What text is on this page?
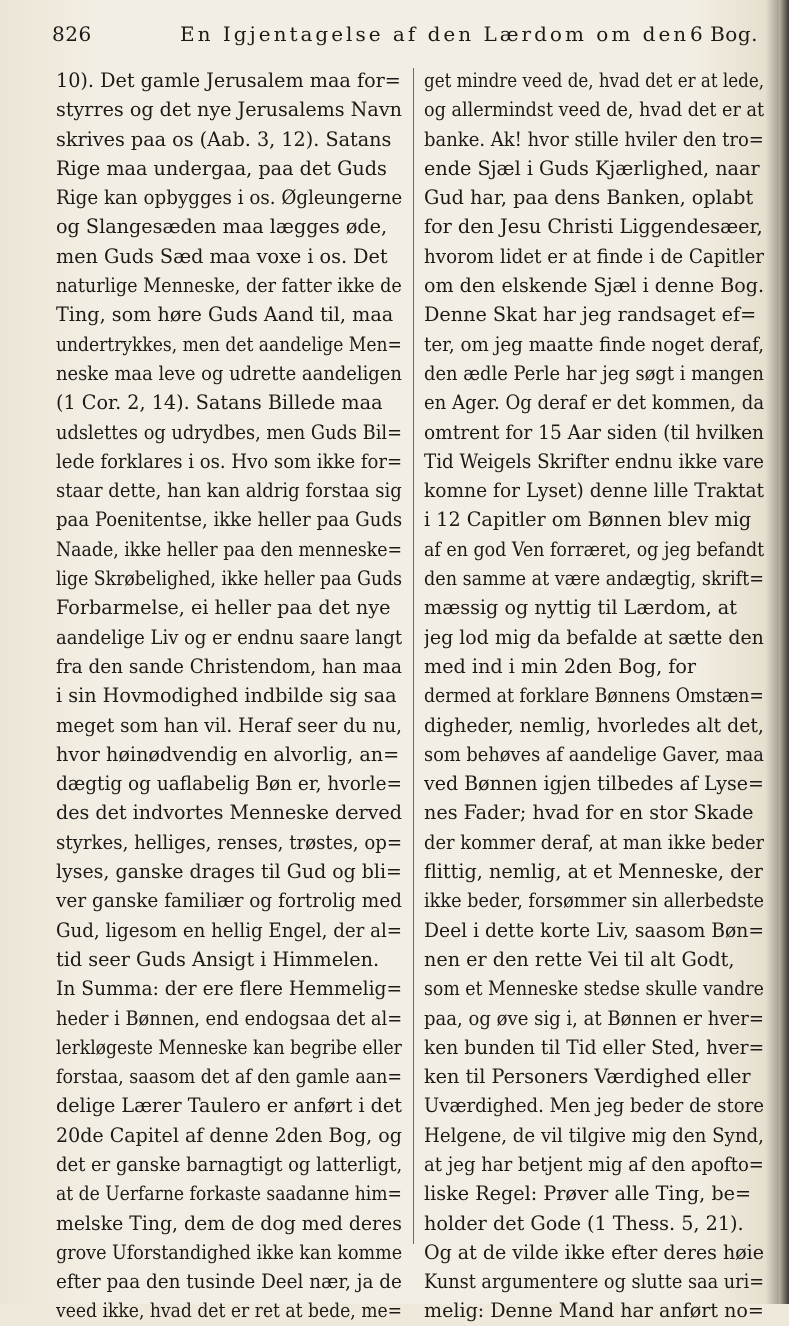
826	En Igjentagelse af den Lærdom om den 6 Bog.
10). Det gamle Jerusalem maa for=
styrres og det nye Jerusalems Navn
skrives paa os (Aab. 3, 12). Satans
Rige maa undergaa, paa det Guds
Rige kan opbygges i os. Øgleungerne
og Slangesæden maa lægges øde,
men Guds Sæd maa voxe i os. Det
naturlige Menneske, der fatter ikke de
Ting, som høre Guds Aand til, maa
undertrykkes, men det aandelige Men=
neske maa leve og udrette aandeligen
(1 Cor. 2, 14). Satans Billede maa
udslettes og udrydbes, men Guds Bil=
lede forklares i os. Hvo som ikke for=
staar dette, han kan aldrig forstaa sig
paa Poenitentse, ikke heller paa Guds
Naade, ikke heller paa den menneske=
lige Skrøbelighed, ikke heller paa Guds
Forbarmelse, ei heller paa det nye
aandelige Liv og er endnu saare langt
fra den sande Christendom, han maa
i sin Hovmodighed indbilde sig saa
meget som han vil. Heraf seer du nu,
hvor høinødvendig en alvorlig, an=
dægtig og uaflabelig Bøn er, hvorle=
des det indvortes Menneske derved
styrkes, helliges, renses, trøstes, op=
lyses, ganske drages til Gud og bli=
ver ganske familiær og fortrolig med
Gud, ligesom en hellig Engel, der al=
tid seer Guds Ansigt i Himmelen.
In Summa: der ere flere Hemmelig=
heder i Bønnen, end endogsaa det al=
lerkløgeste Menneske kan begribe eller
forstaa, saasom det af den gamle aan=
delige Lærer Taulero er anført i det
20de Capitel af denne 2den Bog, og
det er ganske barnagtigt og latterligt,
at de Uerfarne forkaste saadanne him=
melske Ting, dem de dog med deres
grove Uforstandighed ikke kan komme
efter paa den tusinde Deel nær, ja de
veed ikke, hvad det er ret at bede, me=
get mindre veed de, hvad det er at lede,
og allermindst veed de, hvad det er at
banke. Ak! hvor stille hviler den tro=
ende Sjæl i Guds Kjærlighed, naar
Gud har, paa dens Banken, oplabt
for den Jesu Christi Liggendesæer,
hvorom lidet er at finde i de Capitler
om den elskende Sjæl i denne Bog.
Denne Skat har jeg randsaget ef=
ter, om jeg maatte finde noget deraf,
den ædle Perle har jeg søgt i mangen
en Ager. Og deraf er det kommen, da
omtrent for 15 Aar siden (til hvilken
Tid Weigels Skrifter endnu ikke vare
komne for Lyset) denne lille Traktat
i 12 Capitler om Bønnen blev mig
af en god Ven forræret, og jeg befandt
den samme at være andægtig, skrift=
mæssig og nyttig til Lærdom, at
jeg lod mig da befalde at sætte den
med ind i min 2den Bog, for
dermed at forklare Bønnens Omstæn=
digheder, nemlig, hvorledes alt det,
som behøves af aandelige Gaver, maa
ved Bønnen igjen tilbedes af Lyse=
nes Fader; hvad for en stor Skade
der kommer deraf, at man ikke beder
flittig, nemlig, at et Menneske, der
ikke beder, forsømmer sin allerbedste
Deel i dette korte Liv, saasom Bøn=
nen er den rette Vei til alt Godt,
som et Menneske stedse skulle vandre
paa, og øve sig i, at Bønnen er hver=
ken bunden til Tid eller Sted, hver=
ken til Personers Værdighed eller
Uværdighed. Men jeg beder de store
Helgene, de vil tilgive mig den Synd,
at jeg har betjent mig af den apofto=
liske Regel: Prøver alle Ting, be=
holder det Gode (1 Thess. 5, 21).
Og at de vilde ikke efter deres høie
Kunst argumentere og slutte saa uri=
melig: Denne Mand har anført no=
